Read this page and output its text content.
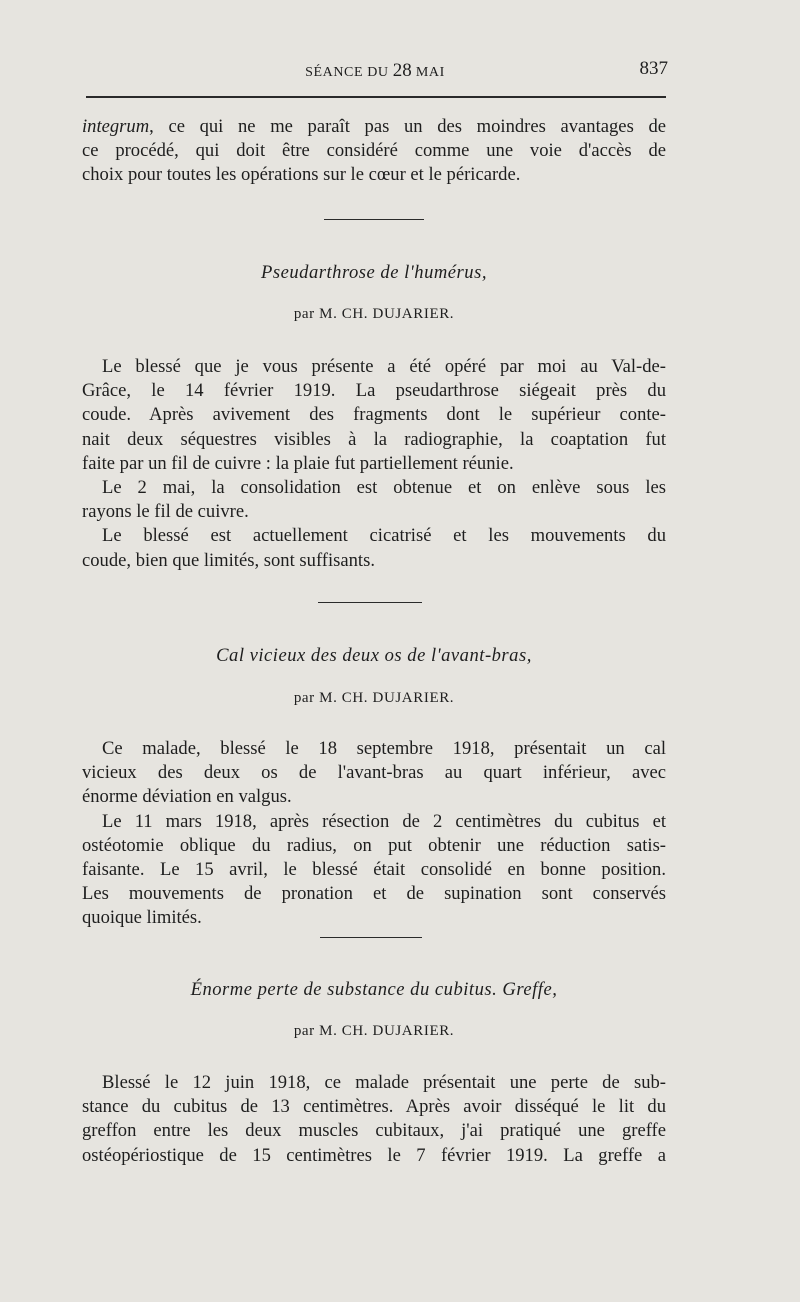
SÉANCE DU 28 MAI	837
integrum, ce qui ne me paraît pas un des moindres avantages de
ce procédé, qui doit être considéré comme une voie d'accès de
choix pour toutes les opérations sur le cœur et le péricarde.
Pseudarthrose de l'humérus,
par M. CH. DUJARIER.
Le blessé que je vous présente a été opéré par moi au Val-de-
Grâce, le 14 février 1919. La pseudarthrose siégeait près du
coude. Après avivement des fragments dont le supérieur conte-
nait deux séquestres visibles à la radiographie, la coaptation fut
faite par un fil de cuivre : la plaie fut partiellement réunie.
Le 2 mai, la consolidation est obtenue et on enlève sous les
rayons le fil de cuivre.
Le blessé est actuellement cicatrisé et les mouvements du
coude, bien que limités, sont suffisants.
Cal vicieux des deux os de l'avant-bras,
par M. CH. DUJARIER.
Ce malade, blessé le 18 septembre 1918, présentait un cal
vicieux des deux os de l'avant-bras au quart inférieur, avec
énorme déviation en valgus.
Le 11 mars 1918, après résection de 2 centimètres du cubitus et
ostéotomie oblique du radius, on put obtenir une réduction satis-
faisante. Le 15 avril, le blessé était consolidé en bonne position.
Les mouvements de pronation et de supination sont conservés
quoique limités.
Énorme perte de substance du cubitus. Greffe,
par M. CH. DUJARIER.
Blessé le 12 juin 1918, ce malade présentait une perte de sub-
stance du cubitus de 13 centimètres. Après avoir disséqué le lit du
greffon entre les deux muscles cubitaux, j'ai pratiqué une greffe
ostéopériostique de 15 centimètres le 7 février 1919. La greffe a
